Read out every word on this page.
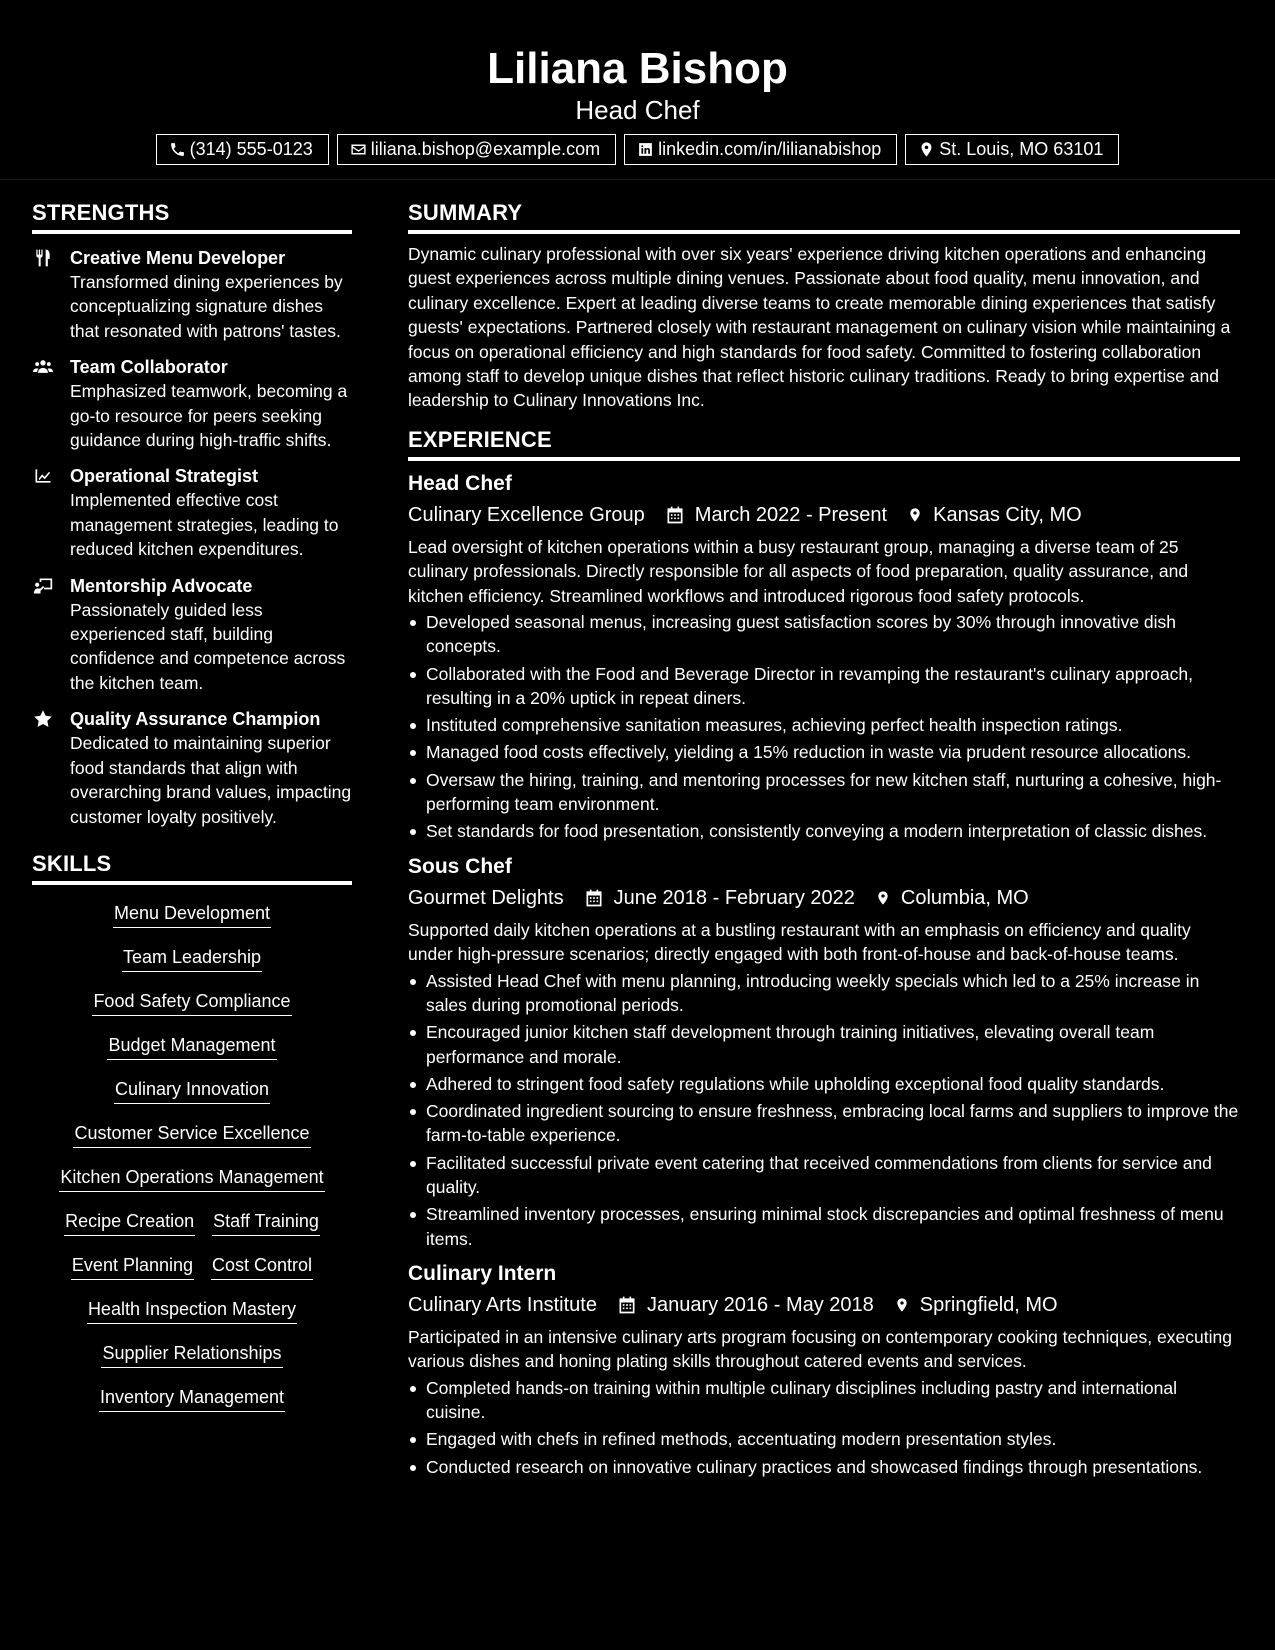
Liliana Bishop
Head Chef
(314) 555-0123	liliana.bishop@example.com	linkedin.com/in/lilianabishop	St. Louis, MO 63101
STRENGTHS
Creative Menu Developer
Transformed dining experiences by conceptualizing signature dishes that resonated with patrons' tastes.
Team Collaborator
Emphasized teamwork, becoming a go-to resource for peers seeking guidance during high-traffic shifts.
Operational Strategist
Implemented effective cost management strategies, leading to reduced kitchen expenditures.
Mentorship Advocate
Passionately guided less experienced staff, building confidence and competence across the kitchen team.
Quality Assurance Champion
Dedicated to maintaining superior food standards that align with overarching brand values, impacting customer loyalty positively.
SKILLS
Menu Development
Team Leadership
Food Safety Compliance
Budget Management
Culinary Innovation
Customer Service Excellence
Kitchen Operations Management
Recipe Creation Staff Training
Event Planning Cost Control
Health Inspection Mastery
Supplier Relationships
Inventory Management
SUMMARY
Dynamic culinary professional with over six years' experience driving kitchen operations and enhancing guest experiences across multiple dining venues. Passionate about food quality, menu innovation, and culinary excellence. Expert at leading diverse teams to create memorable dining experiences that satisfy guests' expectations. Partnered closely with restaurant management on culinary vision while maintaining a focus on operational efficiency and high standards for food safety. Committed to fostering collaboration among staff to develop unique dishes that reflect historic culinary traditions. Ready to bring expertise and leadership to Culinary Innovations Inc.
EXPERIENCE
Head Chef
Culinary Excellence Group	March 2022 - Present Kansas City, MO
Lead oversight of kitchen operations within a busy restaurant group, managing a diverse team of 25 culinary professionals. Directly responsible for all aspects of food preparation, quality assurance, and kitchen efficiency. Streamlined workflows and introduced rigorous food safety protocols.
Developed seasonal menus, increasing guest satisfaction scores by 30% through innovative dish concepts.
Collaborated with the Food and Beverage Director in revamping the restaurant's culinary approach, resulting in a 20% uptick in repeat diners.
Instituted comprehensive sanitation measures, achieving perfect health inspection ratings.
Managed food costs effectively, yielding a 15% reduction in waste via prudent resource allocations.
Oversaw the hiring, training, and mentoring processes for new kitchen staff, nurturing a cohesive, high-performing team environment.
Set standards for food presentation, consistently conveying a modern interpretation of classic dishes.
Sous Chef
Gourmet Delights	June 2018 - February 2022 Columbia, MO
Supported daily kitchen operations at a bustling restaurant with an emphasis on efficiency and quality under high-pressure scenarios; directly engaged with both front-of-house and back-of-house teams.
Assisted Head Chef with menu planning, introducing weekly specials which led to a 25% increase in sales during promotional periods.
Encouraged junior kitchen staff development through training initiatives, elevating overall team performance and morale.
Adhered to stringent food safety regulations while upholding exceptional food quality standards.
Coordinated ingredient sourcing to ensure freshness, embracing local farms and suppliers to improve the farm-to-table experience.
Facilitated successful private event catering that received commendations from clients for service and quality.
Streamlined inventory processes, ensuring minimal stock discrepancies and optimal freshness of menu items.
Culinary Intern
Culinary Arts Institute	January 2016 - May 2018 Springfield, MO
Participated in an intensive culinary arts program focusing on contemporary cooking techniques, executing various dishes and honing plating skills throughout catered events and services.
Completed hands-on training within multiple culinary disciplines including pastry and international cuisine.
Engaged with chefs in refined methods, accentuating modern presentation styles.
Conducted research on innovative culinary practices and showcased findings through presentations.
